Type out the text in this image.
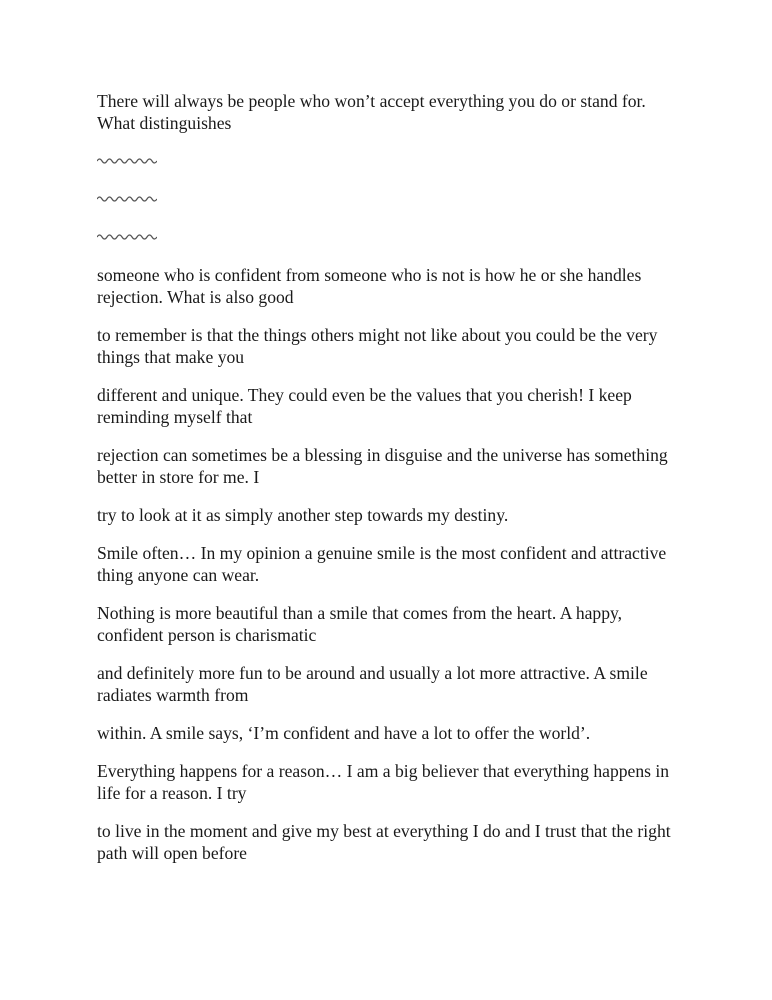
There will always be people who won’t accept everything you do or stand for. What distinguishes

someone who is confident from someone who is not is how he or she handles rejection. What is also good

to remember is that the things others might not like about you could be the very things that make you

different and unique. They could even be the values that you cherish! I keep reminding myself that

rejection can sometimes be a blessing in disguise and the universe has something better in store for me. I

try to look at it as simply another step towards my destiny.

Smile often… In my opinion a genuine smile is the most confident and attractive thing anyone can wear.

Nothing is more beautiful than a smile that comes from the heart. A happy, confident person is charismatic

and definitely more fun to be around and usually a lot more attractive. A smile radiates warmth from

within. A smile says, ‘I’m confident and have a lot to offer the world’.

Everything happens for a reason… I am a big believer that everything happens in life for a reason. I try

to live in the moment and give my best at everything I do and I trust that the right path will open before
